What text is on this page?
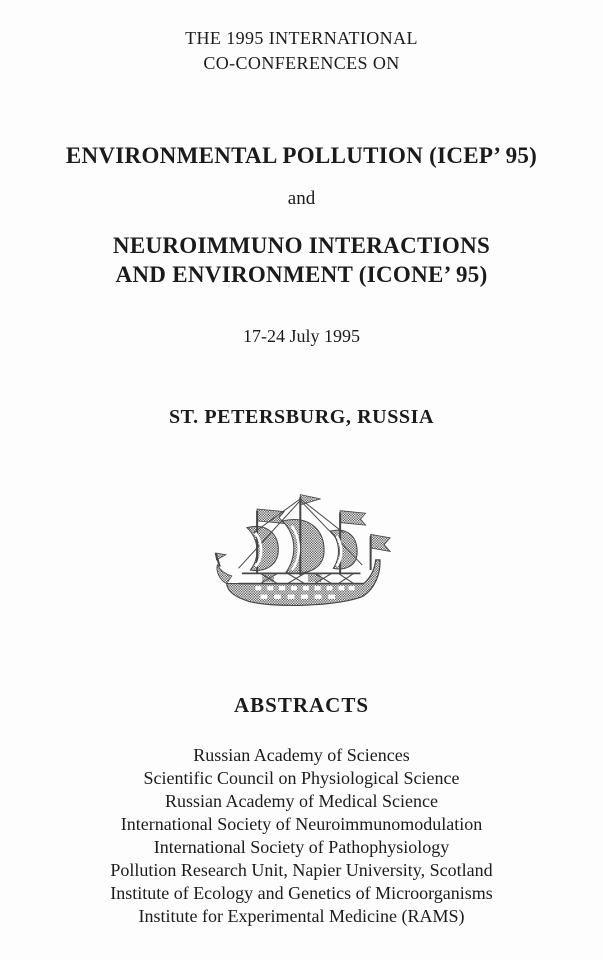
THE 1995 INTERNATIONAL
CO-CONFERENCES ON
ENVIRONMENTAL POLLUTION (ICEP’ 95)
and
NEUROIMMUNO INTERACTIONS
AND ENVIRONMENT (ICONE’ 95)
17-24 July 1995
ST. PETERSBURG, RUSSIA
ABSTRACTS
Russian Academy of Sciences
Scientific Council on Physiological Science
Russian Academy of Medical Science
International Society of Neuroimmunomodulation
International Society of Pathophysiology
Pollution Research Unit, Napier University, Scotland
Institute of Ecology and Genetics of Microorganisms
Institute for Experimental Medicine (RAMS)
